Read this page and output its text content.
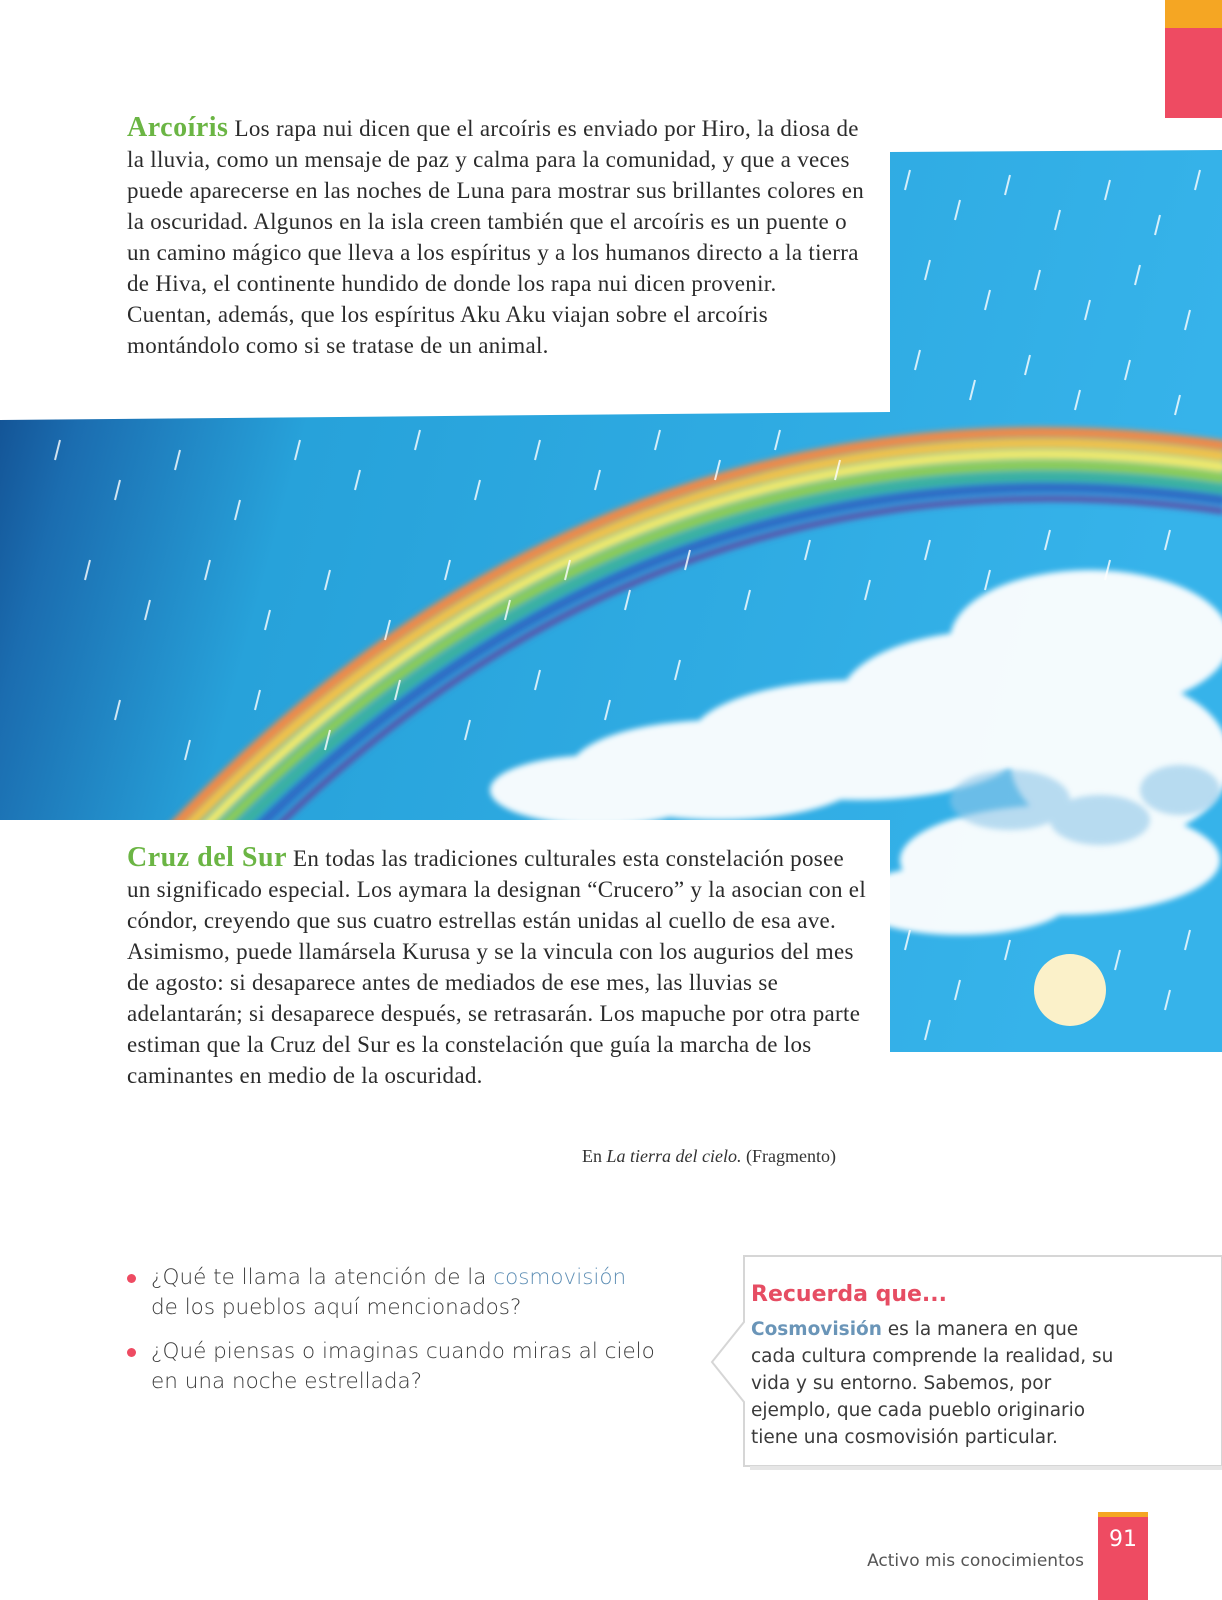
Arcoíris Los rapa nui dicen que el arcoíris es enviado por Hiro, la diosa de la lluvia, como un mensaje de paz y calma para la comunidad, y que a veces puede aparecerse en las noches de Luna para mostrar sus brillantes colores en la oscuridad. Algunos en la isla creen también que el arcoíris es un puente o un camino mágico que lleva a los espíritus y a los humanos directo a la tierra de Hiva, el continente hundido de donde los rapa nui dicen provenir. Cuentan, además, que los espíritus Aku Aku viajan sobre el arcoíris montándolo como si se tratase de un animal.

Cruz del Sur En todas las tradiciones culturales esta constelación posee un significado especial. Los aymara la designan “Crucero” y la asocian con el cóndor, creyendo que sus cuatro estrellas están unidas al cuello de esa ave. Asimismo, puede llamársela Kurusa y se la vincula con los augurios del mes de agosto: si desaparece antes de mediados de ese mes, las lluvias se adelantarán; si desaparece después, se retrasarán. Los mapuche por otra parte estiman que la Cruz del Sur es la constelación que guía la marcha de los caminantes en medio de la oscuridad.

En La tierra del cielo. (Fragmento)
¿Qué te llama la atención de la cosmovisión de los pueblos aquí mencionados?
¿Qué piensas o imaginas cuando miras al cielo en una noche estrellada?
Recuerda que...
Cosmovisión es la manera en que cada cultura comprende la realidad, su vida y su entorno. Sabemos, por ejemplo, que cada pueblo originario tiene una cosmovisión particular.
Activo mis conocimientos
91
